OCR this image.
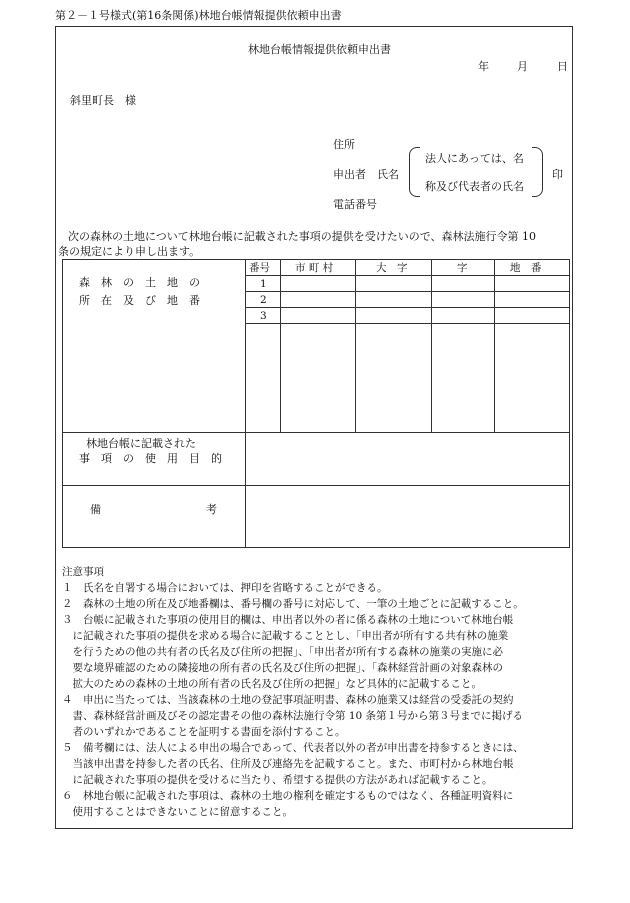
第２－１号様式(第16条関係)林地台帳情報提供依頼申出書
林地台帳情報提供依頼申出書
年	月	日
斜里町長　様
住所
申出者　氏名
法人にあっては、名
称及び代表者の氏名
印
電話番号
次の森林の土地について林地台帳に記載された事項の提供を受けたいので、森林法施行令第 10
条の規定により申し出ます。
森　林　の　土　地　の
所　在　及　び　地　番
番号 市 町 村	大　字	字	地　番
1
2
3
林地台帳に記載された
事　項　の　使　用　目　的
備	考
注意事項
１　氏名を自署する場合においては、押印を省略することができる。
２　森林の土地の所在及び地番欄は、番号欄の番号に対応して、一筆の土地ごとに記載すること。
３　台帳に記載された事項の使用目的欄は、申出者以外の者に係る森林の土地について林地台帳
　に記載された事項の提供を求める場合に記載することとし、「申出者が所有する共有林の施業
　を行うための他の共有者の氏名及び住所の把握」、「申出者が所有する森林の施業の実施に必
　要な境界確認のための隣接地の所有者の氏名及び住所の把握」、「森林経営計画の対象森林の
　拡大のための森林の土地の所有者の氏名及び住所の把握」など具体的に記載すること。
４　申出に当たっては、当該森林の土地の登記事項証明書、森林の施業又は経営の受委託の契約
　書、森林経営計画及びその認定書その他の森林法施行令第 10 条第１号から第３号までに掲げる
　者のいずれかであることを証明する書面を添付すること。
５　備考欄には、法人による申出の場合であって、代表者以外の者が申出書を持参するときには、
　当該申出書を持参した者の氏名、住所及び連絡先を記載すること。また、市町村から林地台帳
　に記載された事項の提供を受けるに当たり、希望する提供の方法があれば記載すること。
６　林地台帳に記載された事項は、森林の土地の権利を確定するものではなく、各種証明資料に
　使用することはできないことに留意すること。
